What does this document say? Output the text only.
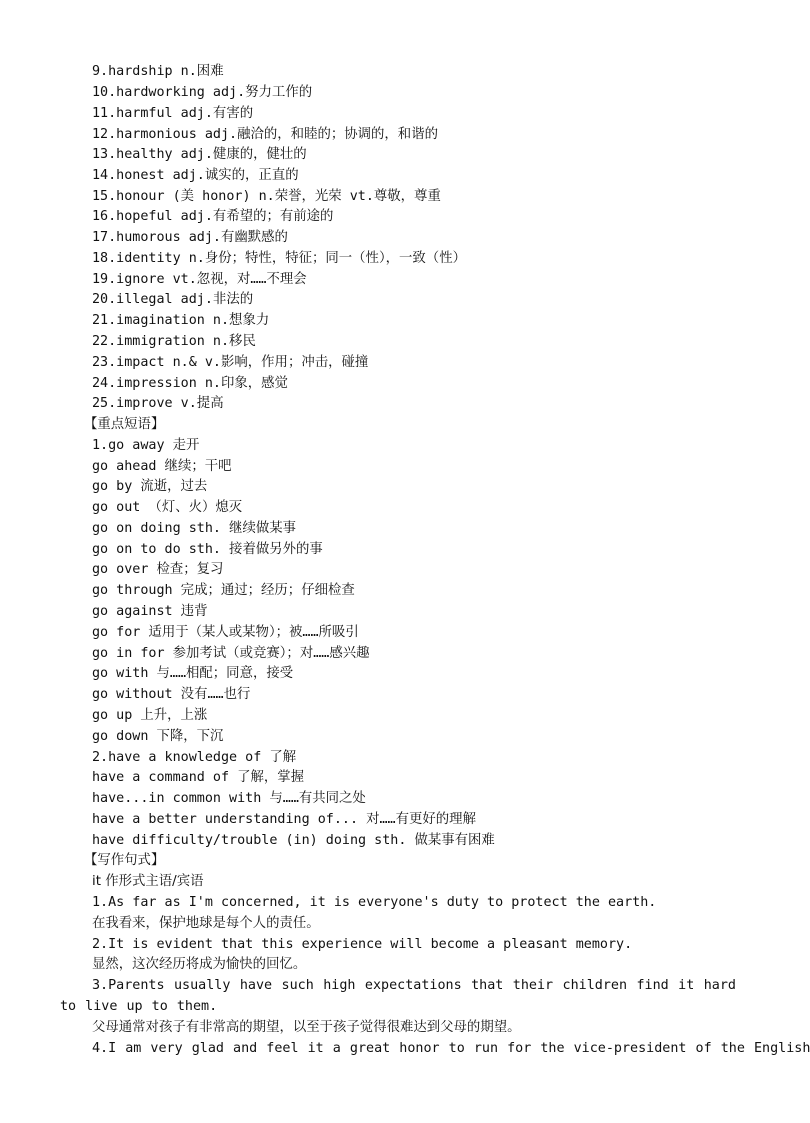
9.hardship n.困难
10.hardworking adj.努力工作的
11.harmful adj.有害的
12.harmonious adj.融洽的，和睦的；协调的，和谐的
13.healthy adj.健康的，健壮的
14.honest adj.诚实的，正直的
15.honour (美 honor) n.荣誉，光荣 vt.尊敬，尊重
16.hopeful adj.有希望的；有前途的
17.humorous adj.有幽默感的
18.identity n.身份；特性，特征；同一（性），一致（性）
19.ignore vt.忽视，对……不理会
20.illegal adj.非法的
21.imagination n.想象力
22.immigration n.移民
23.impact n.& v.影响，作用；冲击，碰撞
24.impression n.印象，感觉
25.improve v.提高
【重点短语】
1.go away 走开
go ahead 继续；干吧
go by 流逝，过去
go out （灯、火）熄灭
go on doing sth. 继续做某事
go on to do sth. 接着做另外的事
go over 检查；复习
go through 完成；通过；经历；仔细检查
go against 违背
go for 适用于（某人或某物）；被……所吸引
go in for 参加考试（或竞赛）；对……感兴趣
go with 与……相配；同意，接受
go without 没有……也行
go up 上升，上涨
go down 下降，下沉
2.have a knowledge of 了解
have a command of 了解，掌握
have...in common with 与……有共同之处
have a better understanding of... 对……有更好的理解
have difficulty/trouble (in) doing sth. 做某事有困难
【写作句式】
it 作形式主语/宾语
1.As far as I'm concerned, it is everyone's duty to protect the earth.
在我看来，保护地球是每个人的责任。
2.It is evident that this experience will become a pleasant memory.
显然，这次经历将成为愉快的回忆。
3.Parents usually have such high expectations that their children find it hard to live up to them.
父母通常对孩子有非常高的期望，以至于孩子觉得很难达到父母的期望。
4.I am very glad and feel it a great honor to run for the vice-president of the English
